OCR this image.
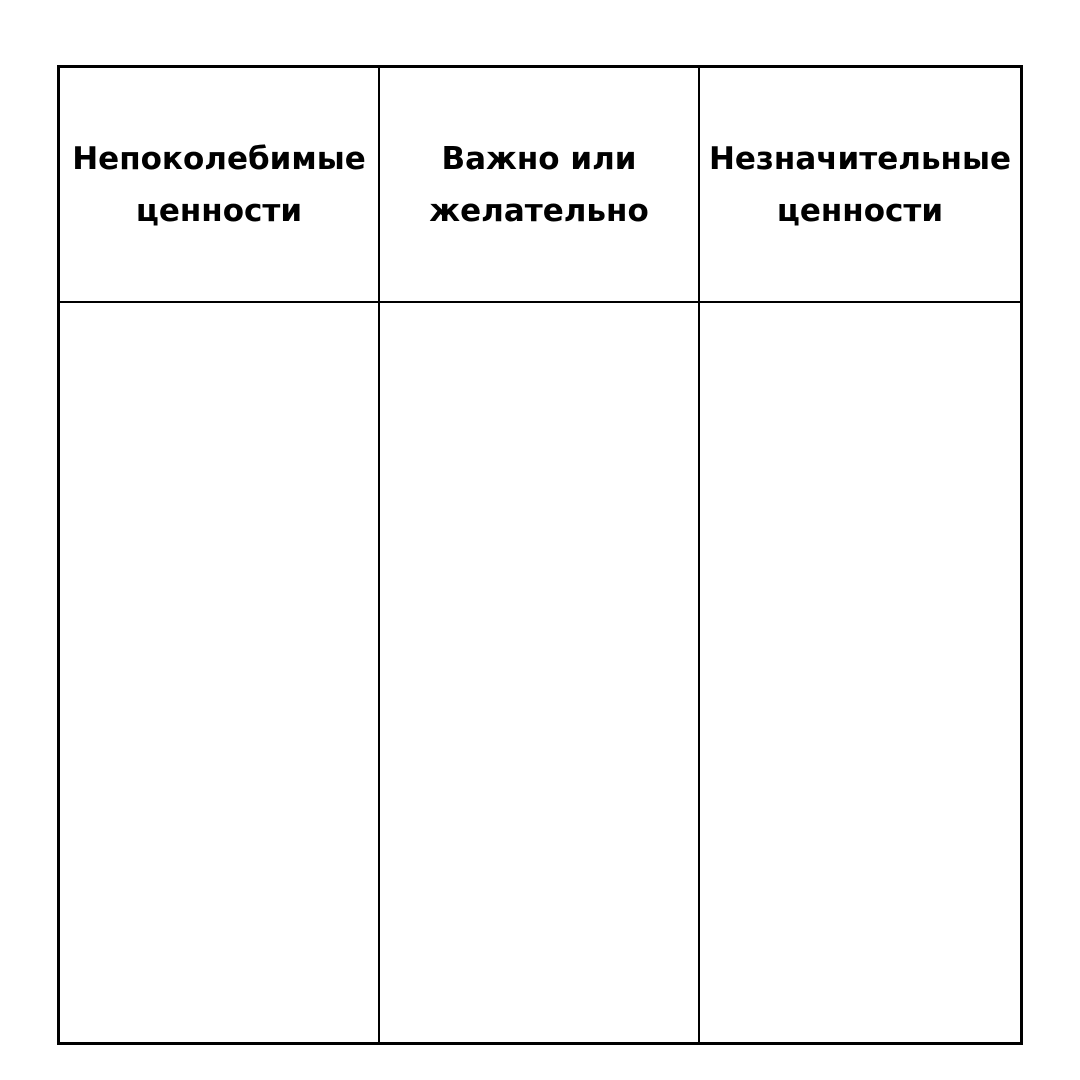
Непоколебимые
ценности
Важно или
желательно
Незначительные
ценности
